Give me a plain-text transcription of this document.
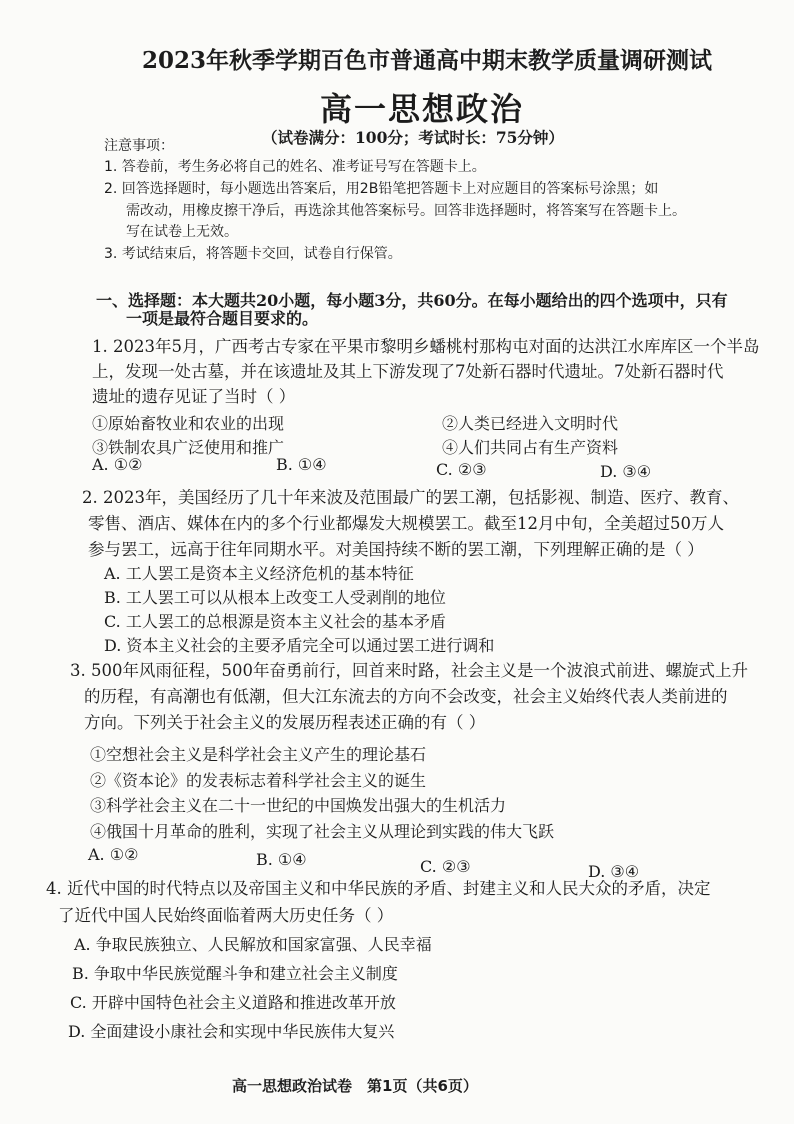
2023年秋季学期百色市普通高中期末教学质量调研测试
高一思想政治
（试卷满分：100分；考试时长：75分钟）
注意事项：
1. 答卷前，考生务必将自己的姓名、准考证号写在答题卡上。
2. 回答选择题时，每小题选出答案后，用2B铅笔把答题卡上对应题目的答案标号涂黑；如
需改动，用橡皮擦干净后，再选涂其他答案标号。回答非选择题时，将答案写在答题卡上。
写在试卷上无效。
3. 考试结束后，将答题卡交回，试卷自行保管。
一、选择题：本大题共20小题，每小题3分，共60分。在每小题给出的四个选项中，只有
一项是最符合题目要求的。
1. 2023年5月，广西考古专家在平果市黎明乡蟠桃村那构屯对面的达洪江水库库区一个半岛
上，发现一处古墓，并在该遗址及其上下游发现了7处新石器时代遗址。7处新石器时代
遗址的遗存见证了当时（ ）
①原始畜牧业和农业的出现	②人类已经进入文明时代
③铁制农具广泛使用和推广	④人们共同占有生产资料
A. ①②	B. ①④	C. ②③	D. ③④
2. 2023年，美国经历了几十年来波及范围最广的罢工潮，包括影视、制造、医疗、教育、
零售、酒店、媒体在内的多个行业都爆发大规模罢工。截至12月中旬，全美超过50万人
参与罢工，远高于往年同期水平。对美国持续不断的罢工潮，下列理解正确的是（ ）
A. 工人罢工是资本主义经济危机的基本特征
B. 工人罢工可以从根本上改变工人受剥削的地位
C. 工人罢工的总根源是资本主义社会的基本矛盾
D. 资本主义社会的主要矛盾完全可以通过罢工进行调和
3. 500年风雨征程，500年奋勇前行，回首来时路，社会主义是一个波浪式前进、螺旋式上升
的历程，有高潮也有低潮，但大江东流去的方向不会改变，社会主义始终代表人类前进的
方向。下列关于社会主义的发展历程表述正确的有（ ）
①空想社会主义是科学社会主义产生的理论基石
②《资本论》的发表标志着科学社会主义的诞生
③科学社会主义在二十一世纪的中国焕发出强大的生机活力
④俄国十月革命的胜利，实现了社会主义从理论到实践的伟大飞跃
A. ①②	B. ①④	C. ②③	D. ③④
4. 近代中国的时代特点以及帝国主义和中华民族的矛盾、封建主义和人民大众的矛盾，决定
了近代中国人民始终面临着两大历史任务（ ）
A. 争取民族独立、人民解放和国家富强、人民幸福
B. 争取中华民族觉醒斗争和建立社会主义制度
C. 开辟中国特色社会主义道路和推进改革开放
D. 全面建设小康社会和实现中华民族伟大复兴
高一思想政治试卷　第1页（共6页）
